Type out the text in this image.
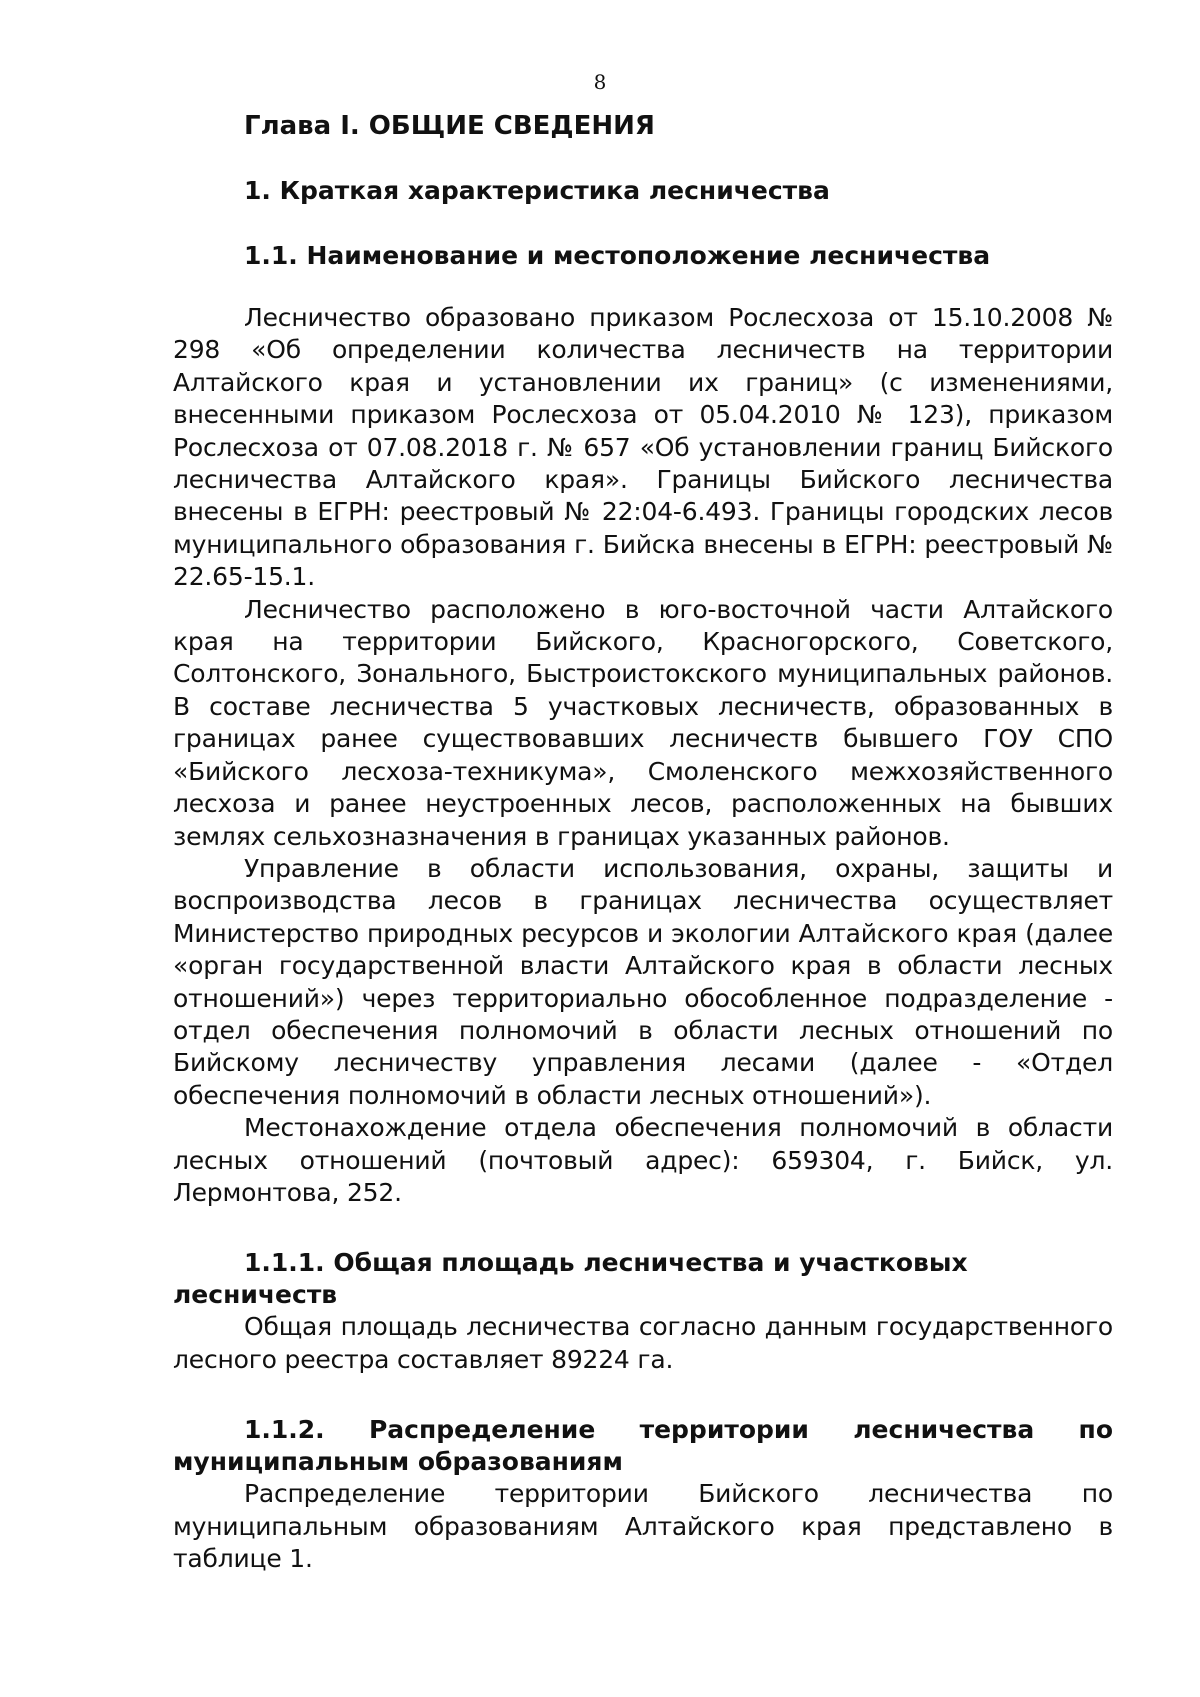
8
Глава I. ОБЩИЕ СВЕДЕНИЯ
1. Краткая характеристика лесничества
1.1. Наименование и местоположение лесничества

Лесничество образовано приказом Рослесхоза от 15.10.2008 № 298 «Об определении количества лесничеств на территории Алтайского края и установлении их границ» (с изменениями, внесенными приказом Рослесхоза от 05.04.2010 № 123), приказом Рослесхоза от 07.08.2018 г. № 657 «Об установлении границ Бийского лесничества Алтайского края». Границы Бийского лесничества внесены в ЕГРН: реестровый № 22:04-6.493. Границы городских лесов муниципального образования г. Бийска внесены в ЕГРН: реестровый № 22.65-15.1.

Лесничество расположено в юго-восточной части Алтайского края на территории Бийского, Красногорского, Советского, Солтонского, Зонального, Быстроистокского муниципальных районов. В составе лесничества 5 участковых лесничеств, образованных в границах ранее существовавших лесничеств бывшего ГОУ СПО «Бийского лесхоза-техникума», Смоленского межхозяйственного лесхоза и ранее неустроенных лесов, расположенных на бывших землях сельхозназначения в границах указанных районов.

Управление в области использования, охраны, защиты и воспроизводства лесов в границах лесничества осуществляет Министерство природных ресурсов и экологии Алтайского края (далее «орган государственной власти Алтайского края в области лесных отношений») через территориально обособленное подразделение - отдел обеспечения полномочий в области лесных отношений по Бийскому лесничеству управления лесами (далее - «Отдел обеспечения полномочий в области лесных отношений»).

Местонахождение отдела обеспечения полномочий в области лесных отношений (почтовый адрес): 659304, г. Бийск, ул. Лермонтова, 252.

1.1.1. Общая площадь лесничества и участковых лесничеств

Общая площадь лесничества согласно данным государственного лесного реестра составляет 89224 га.

1.1.2. Распределение территории лесничества по муниципальным образованиям

Распределение территории Бийского лесничества по муниципальным образованиям Алтайского края представлено в таблице 1.
